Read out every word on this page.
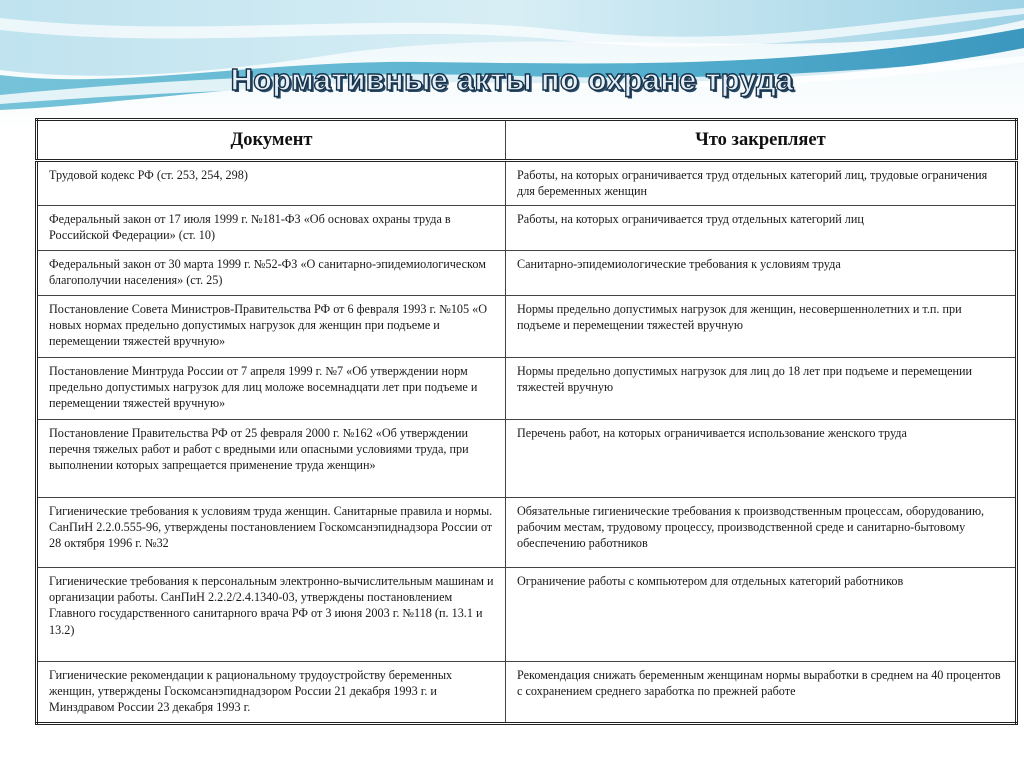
Нормативные акты по охране труда
Документ	Что закрепляет
Трудовой кодекс РФ (ст. 253, 254, 298)	Работы, на которых ограничивается труд отдельных категорий лиц, трудовые ограничения для беременных женщин
Федеральный закон от 17 июля 1999 г. №181-ФЗ «Об основах охраны труда в Российской Федерации» (ст. 10)	Работы, на которых ограничивается труд отдельных категорий лиц
Федеральный закон от 30 марта 1999 г. №52-ФЗ «О санитарно-эпидемиологическом благополучии населения» (ст. 25)	Санитарно-эпидемиологические требования к условиям труда
Постановление Совета Министров-Правительства РФ от 6 февраля 1993 г. №105 «О новых нормах предельно допустимых нагрузок для женщин при подъеме и перемещении тяжестей вручную»	Нормы предельно допустимых нагрузок для женщин, несовершеннолетних и т.п. при подъеме и перемещении тяжестей вручную
Постановление Минтруда России от 7 апреля 1999 г. №7 «Об утверждении норм предельно допустимых нагрузок для лиц моложе восемнадцати лет при подъеме и перемещении тяжестей вручную»	Нормы предельно допустимых нагрузок для лиц до 18 лет при подъеме и перемещении тяжестей вручную
Постановление Правительства РФ от 25 февраля 2000 г. №162 «Об утверждении перечня тяжелых работ и работ с вредными или опасными условиями труда, при выполнении которых запрещается применение труда женщин»	Перечень работ, на которых ограничивается использование женского труда
Гигиенические требования к условиям труда женщин. Санитарные правила и нормы. СанПиН 2.2.0.555-96, утверждены постановлением Госкомсанэпиднадзора России от 28 октября 1996 г. №32	Обязательные гигиенические требования к производственным процессам, оборудованию, рабочим местам, трудовому процессу, производственной среде и санитарно-бытовому обеспечению работников
Гигиенические требования к персональным электронно-вычислительным машинам и организации работы. СанПиН 2.2.2/2.4.1340-03, утверждены постановлением Главного государственного санитарного врача РФ от 3 июня 2003 г. №118 (п. 13.1 и 13.2)	Ограничение работы с компьютером для отдельных категорий работников
Гигиенические рекомендации к рациональному трудоустройству беременных женщин, утверждены Госкомсанэпиднадзором России 21 декабря 1993 г. и Минздравом России 23 декабря 1993 г.	Рекомендация снижать беременным женщинам нормы выработки в среднем на 40 процентов с сохранением среднего заработка по прежней работе
